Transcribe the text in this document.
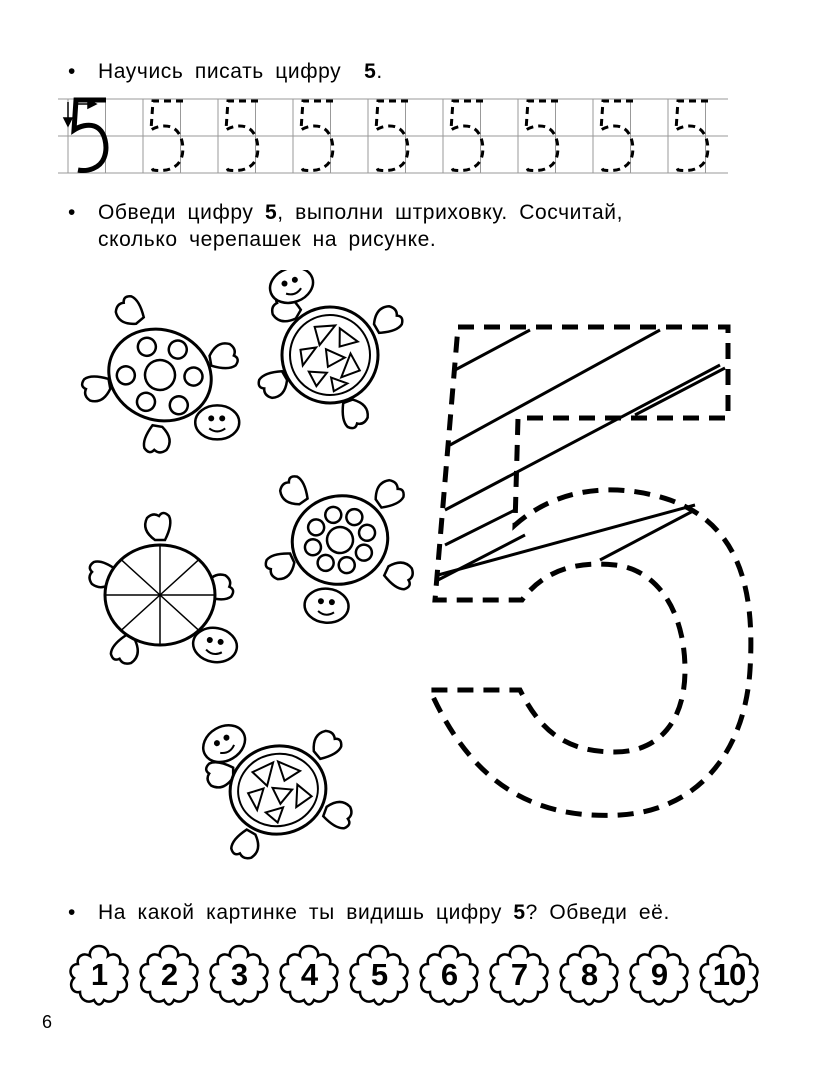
• Научись писать цифру 5.
• Обведи цифру 5, выполни штриховку. Сосчитай,
сколько черепашек на рисунке.
• На какой картинке ты видишь цифру 5? Обведи её.
1	2	3	4	5	6	7	8	9	10
6
